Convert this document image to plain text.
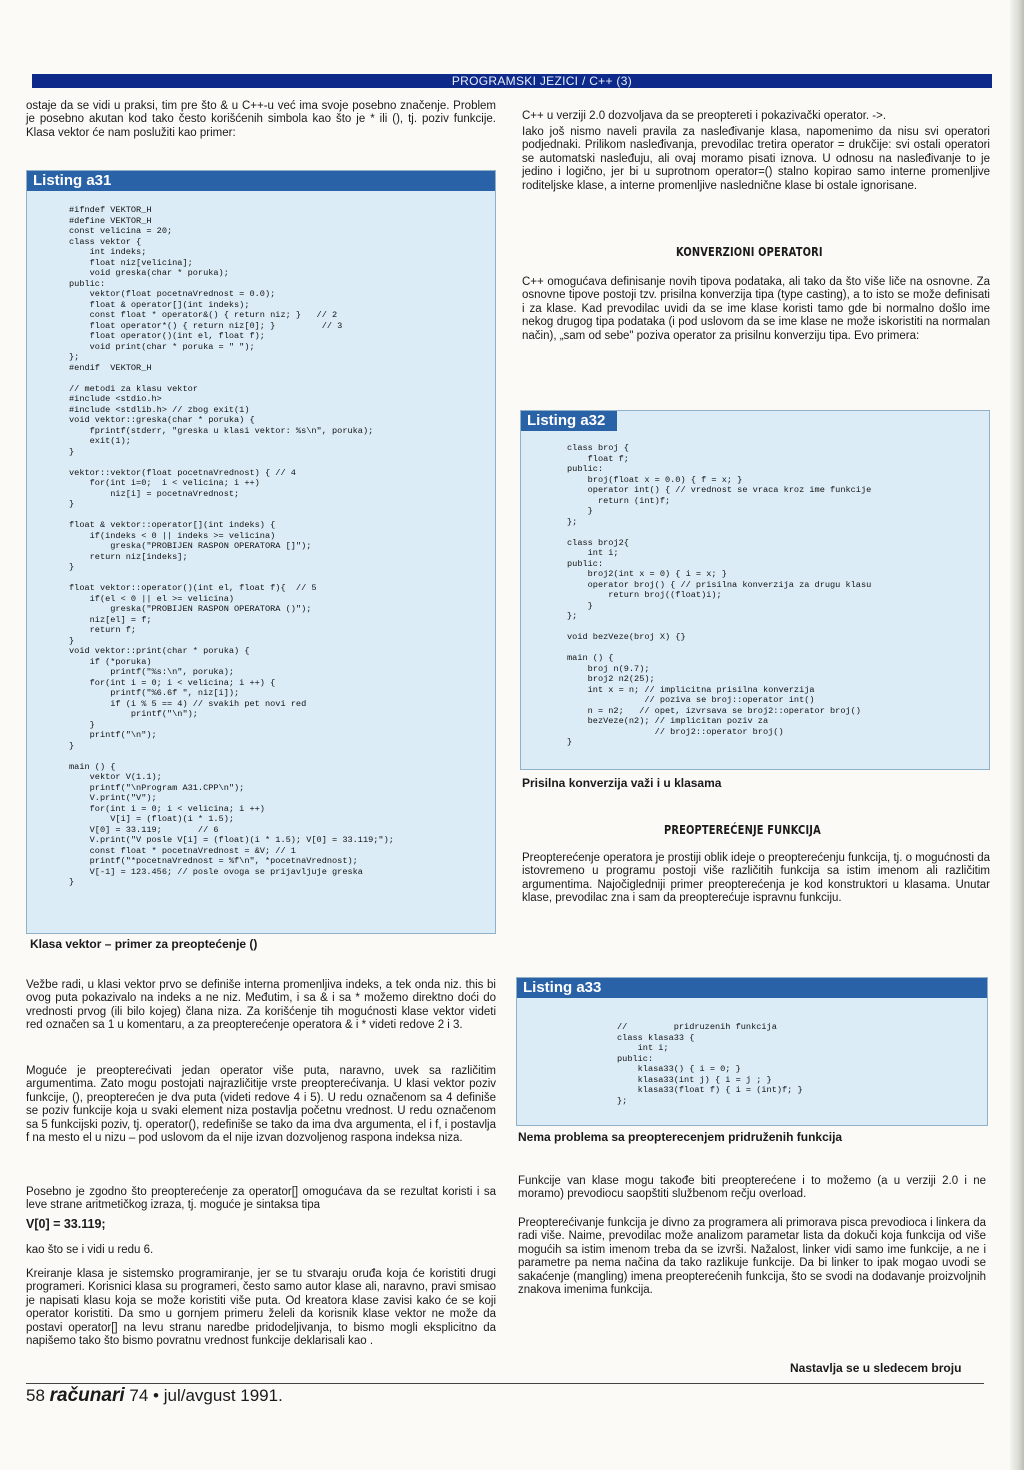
PROGRAMSKI JEZICI / C++ (3)

ostaje da se vidi u praksi, tim pre što & u C++-u već ima svoje posebno značenje. Problem je posebno akutan kod tako često korišćenih simbola kao što je * ili (), tj. poziv funkcije. Klasa vektor će nam poslužiti kao primer:

Listing a31
#ifndef VEKTOR_H
#define VEKTOR_H
const velicina = 20;
class vektor {
int indeks;
float niz[velicina];
void greska(char * poruka);
public:
vektor(float pocetnaVrednost = 0.0);
float & operator[](int indeks);
const float * operator&() { return niz; }   // 2
float operator*() { return niz[0]; }         // 3
float operator()(int el, float f);
void print(char * poruka = " ");
};
#endif  VEKTOR_H

// metodi za klasu vektor
#include <stdio.h>
#include <stdlib.h> // zbog exit(1)
void vektor::greska(char * poruka) {
fprintf(stderr, "greska u klasi vektor: %s\n", poruka);
exit(1);
}

vektor::vektor(float pocetnaVrednost) { // 4
for(int i=0;  i < velicina; i ++)
niz[i] = pocetnaVrednost;
}

float & vektor::operator[](int indeks) {
if(indeks < 0 || indeks >= velicina)
greska("PROBIJEN RASPON OPERATORA []");
return niz[indeks];
}

float vektor::operator()(int el, float f){  // 5
if(el < 0 || el >= velicina)
greska("PROBIJEN RASPON OPERATORA ()");
niz[el] = f;
return f;
}
void vektor::print(char * poruka) {
if (*poruka)
printf("%s:\n", poruka);
for(int i = 0; i < velicina; i ++) {
printf("%6.6f ", niz[i]);
if (i % 5 == 4) // svakih pet novi red
printf("\n");
}
printf("\n");
}

main () {
vektor V(1.1);
printf("\nProgram A31.CPP\n");
V.print("V");
for(int i = 0; i < velicina; i ++)
V[i] = (float)(i * 1.5);
V[0] = 33.119;       // 6
V.print("V posle V[i] = (float)(i * 1.5); V[0] = 33.119;");
const float * pocetnaVrednost = &V; // 1
printf("*pocetnaVrednost = %f\n", *pocetnaVrednost);
V[-1] = 123.456; // posle ovoga se prijavljuje greska
}
Klasa vektor – primer za preoptećenje ()

Vežbe radi, u klasi vektor prvo se definiše interna promenljiva indeks, a tek onda niz. this bi ovog puta pokazivalo na indeks a ne niz. Međutim, i sa & i sa * možemo direktno doći do vrednosti prvog (ili bilo kojeg) člana niza. Za korišćenje tih mogućnosti klase vektor videti red označen sa 1 u komentaru, a za preopterećenje operatora & i * videti redove 2 i 3.

Moguće je preopterećivati jedan operator više puta, naravno, uvek sa različitim argumentima. Zato mogu postojati najrazličitije vrste preopterećivanja. U klasi vektor poziv funkcije, (), preopterećen je dva puta (videti redove 4 i 5). U redu označenom sa 4 definiše se poziv funkcije koja u svaki element niza postavlja početnu vrednost. U redu označenom sa 5 funkcijski poziv, tj. operator(), redefiniše se tako da ima dva argumenta, el i f, i postavlja f na mesto el u nizu – pod uslovom da el nije izvan dozvoljenog raspona indeksa niza.

Posebno je zgodno što preopterećenje za operator[] omogućava da se rezultat koristi i sa leve strane aritmetičkog izraza, tj. moguće je sintaksa tipa

V[0] = 33.119;

kao što se i vidi u redu 6.

Kreiranje klasa je sistemsko programiranje, jer se tu stvaraju oruđa koja će koristiti drugi programeri. Korisnici klasa su programeri, često samo autor klase ali, naravno, pravi smisao je napisati klasu koja se može koristiti više puta. Od kreatora klase zavisi kako će se koji operator koristiti. Da smo u gornjem primeru želeli da korisnik klase vektor ne može da postavi operator[] na levu stranu naredbe pridodeljivanja, to bismo mogli eksplicitno da napišemo tako što bismo povratnu vrednost funkcije deklarisali kao .

C++ u verziji 2.0 dozvoljava da se preoptereti i pokazivački operator. ->.

Iako još nismo naveli pravila za nasleđivanje klasa, napomenimo da nisu svi operatori podjednaki. Prilikom nasleđivanja, prevodilac tretira operator = drukčije: svi ostali operatori se automatski nasleđuju, ali ovaj moramo pisati iznova. U odnosu na nasleđivanje to je jedino i logično, jer bi u suprotnom operator=() stalno kopirao samo interne promenljive roditeljske klase, a interne promenljive naslednične klase bi ostale ignorisane.

KONVERZIONI OPERATORI

C++ omogućava definisanje novih tipova podataka, ali tako da što više liče na osnovne. Za osnovne tipove postoji tzv. prisilna konverzija tipa (type casting), a to isto se može definisati i za klase. Kad prevodilac uvidi da se ime klase koristi tamo gde bi normalno došlo ime nekog drugog tipa podataka (i pod uslovom da se ime klase ne može iskoristiti na normalan način), „sam od sebe" poziva operator za prisilnu konverziju tipa. Evo primera:

Listing a32
class broj {
float f;
public:
broj(float x = 0.0) { f = x; }
operator int() { // vrednost se vraca kroz ime funkcije
return (int)f;
}
};

class broj2{
int i;
public:
broj2(int x = 0) { i = x; }
operator broj() { // prisilna konverzija za drugu klasu
return broj((float)i);
}
};

void bezVeze(broj X) {}

main () {
broj n(9.7);
broj2 n2(25);
int x = n; // implicitna prisilna konverzija
// poziva se broj::operator int()
n = n2;   // opet, izvrsava se broj2::operator broj()
bezVeze(n2); // implicitan poziv za
// broj2::operator broj()
}
Prisilna konverzija važi i u klasama
PREOPTEREĆENJE FUNKCIJA

Preopterećenje operatora je prostiji oblik ideje o preopterećenju funkcija, tj. o mogućnosti da istovremeno u programu postoji više različitih funkcija sa istim imenom ali različitim argumentima. Najočigledniji primer preopterećenja je kod konstruktori u klasama. Unutar klase, prevodilac zna i sam da preopterećuje ispravnu funkciju.

Listing a33
//         pridruzenih funkcija
class klasa33 {
int i;
public:
klasa33() { i = 0; }
klasa33(int j) { i = j ; }
klasa33(float f) { i = (int)f; }
};
Nema problema sa preopterecenjem pridruženih funkcija

Funkcije van klase mogu takođe biti preopterećene i to možemo (a u verziji 2.0 i ne moramo) prevodiocu saopštiti službenom rečju overload.

Preopterećivanje funkcija je divno za programera ali primorava pisca prevodioca i linkera da radi više. Naime, prevodilac može analizom parametar lista da dokuči koja funkcija od više mogućih sa istim imenom treba da se izvrši. Nažalost, linker vidi samo ime funkcije, a ne i parametre pa nema načina da tako razlikuje funkcije. Da bi linker to ipak mogao uvodi se sakaćenje (mangling) imena preopterećenih funkcija, što se svodi na dodavanje proizvoljnih znakova imenima funkcija.

Nastavlja se u sledecem broju
58 računari 74 • jul/avgust 1991.
